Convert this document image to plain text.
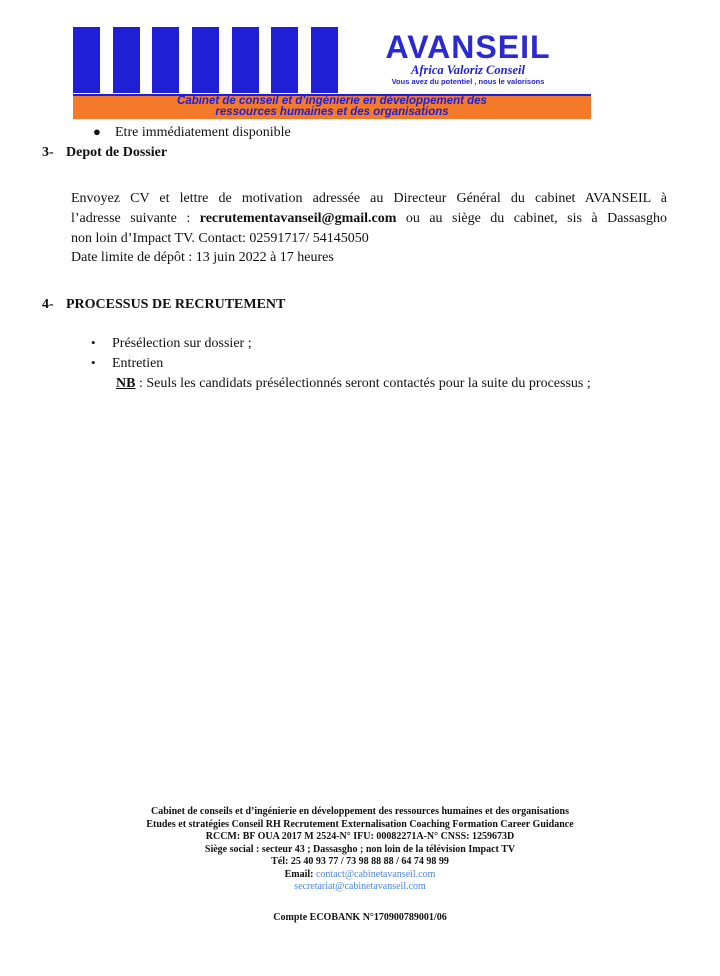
AVANSEIL
Africa Valoriz Conseil
Vous avez du potentiel , nous le valorisons
Cabinet de conseil et d’ingénierie en développement des
ressources humaines et des organisations
● Etre immédiatement disponible
3- Depot de Dossier
Envoyez CV et lettre de motivation adressée au Directeur Général du cabinet AVANSEIL à
l’adresse suivante : recrutementavanseil@gmail.com ou au siège du cabinet, sis à Dassasgho
non loin d’Impact TV. Contact: 02591717/ 54145050
Date limite de dépôt : 13 juin 2022 à 17 heures
4- PROCESSUS DE RECRUTEMENT
• Présélection sur dossier ;
• Entretien
NB : Seuls les candidats présélectionnés seront contactés pour la suite du processus ;
Cabinet de conseils et d’ingénierie en développement des ressources humaines et des organisations
Etudes et stratégies Conseil RH Recrutement Externalisation Coaching Formation Career Guidance
RCCM: BF OUA 2017 M 2524-N° IFU: 00082271A-N° CNSS: 1259673D
Siège social : secteur 43 ; Dassasgho ; non loin de la télévision Impact TV
Tél: 25 40 93 77 / 73 98 88 88 / 64 74 98 99
Email: contact@cabinetavanseil.com
secretariat@cabinetavanseil.com
Compte ECOBANK N°170900789001/06
